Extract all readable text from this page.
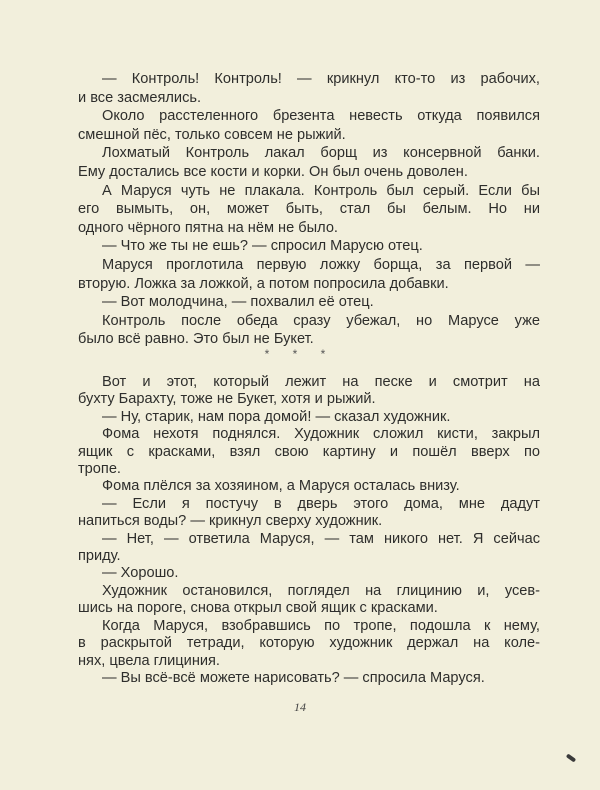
— Контроль! Контроль! — крикнул кто-то из рабочих,
и все засмеялись.
Около расстеленного брезента невесть откуда появился
смешной пёс, только совсем не рыжий.
Лохматый Контроль лакал борщ из консервной банки.
Ему достались все кости и корки. Он был очень доволен.
А Маруся чуть не плакала. Контроль был серый. Если бы
его вымыть, он, может быть, стал бы белым. Но ни
одного чёрного пятна на нём не было.
— Что же ты не ешь? — спросил Марусю отец.
Маруся проглотила первую ложку борща, за первой —
вторую. Ложка за ложкой, а потом попросила добавки.
— Вот молодчина, — похвалил её отец.
Контроль после обеда сразу убежал, но Марусе уже
было всё равно. Это был не Букет.
* * *
Вот и этот, который лежит на песке и смотрит на
бухту Барахту, тоже не Букет, хотя и рыжий.
— Ну, старик, нам пора домой! — сказал художник.
Фома нехотя поднялся. Художник сложил кисти, закрыл
ящик с красками, взял свою картину и пошёл вверх по
тропе.
Фома плёлся за хозяином, а Маруся осталась внизу.
— Если я постучу в дверь этого дома, мне дадут
напиться воды? — крикнул сверху художник.
— Нет, — ответила Маруся, — там никого нет. Я сейчас
приду.
— Хорошо.
Художник остановился, поглядел на глицинию и, усев-
шись на пороге, снова открыл свой ящик с красками.
Когда Маруся, взобравшись по тропе, подошла к нему,
в раскрытой тетради, которую художник держал на коле-
нях, цвела глициния.
— Вы всё-всё можете нарисовать? — спросила Маруся.
14
